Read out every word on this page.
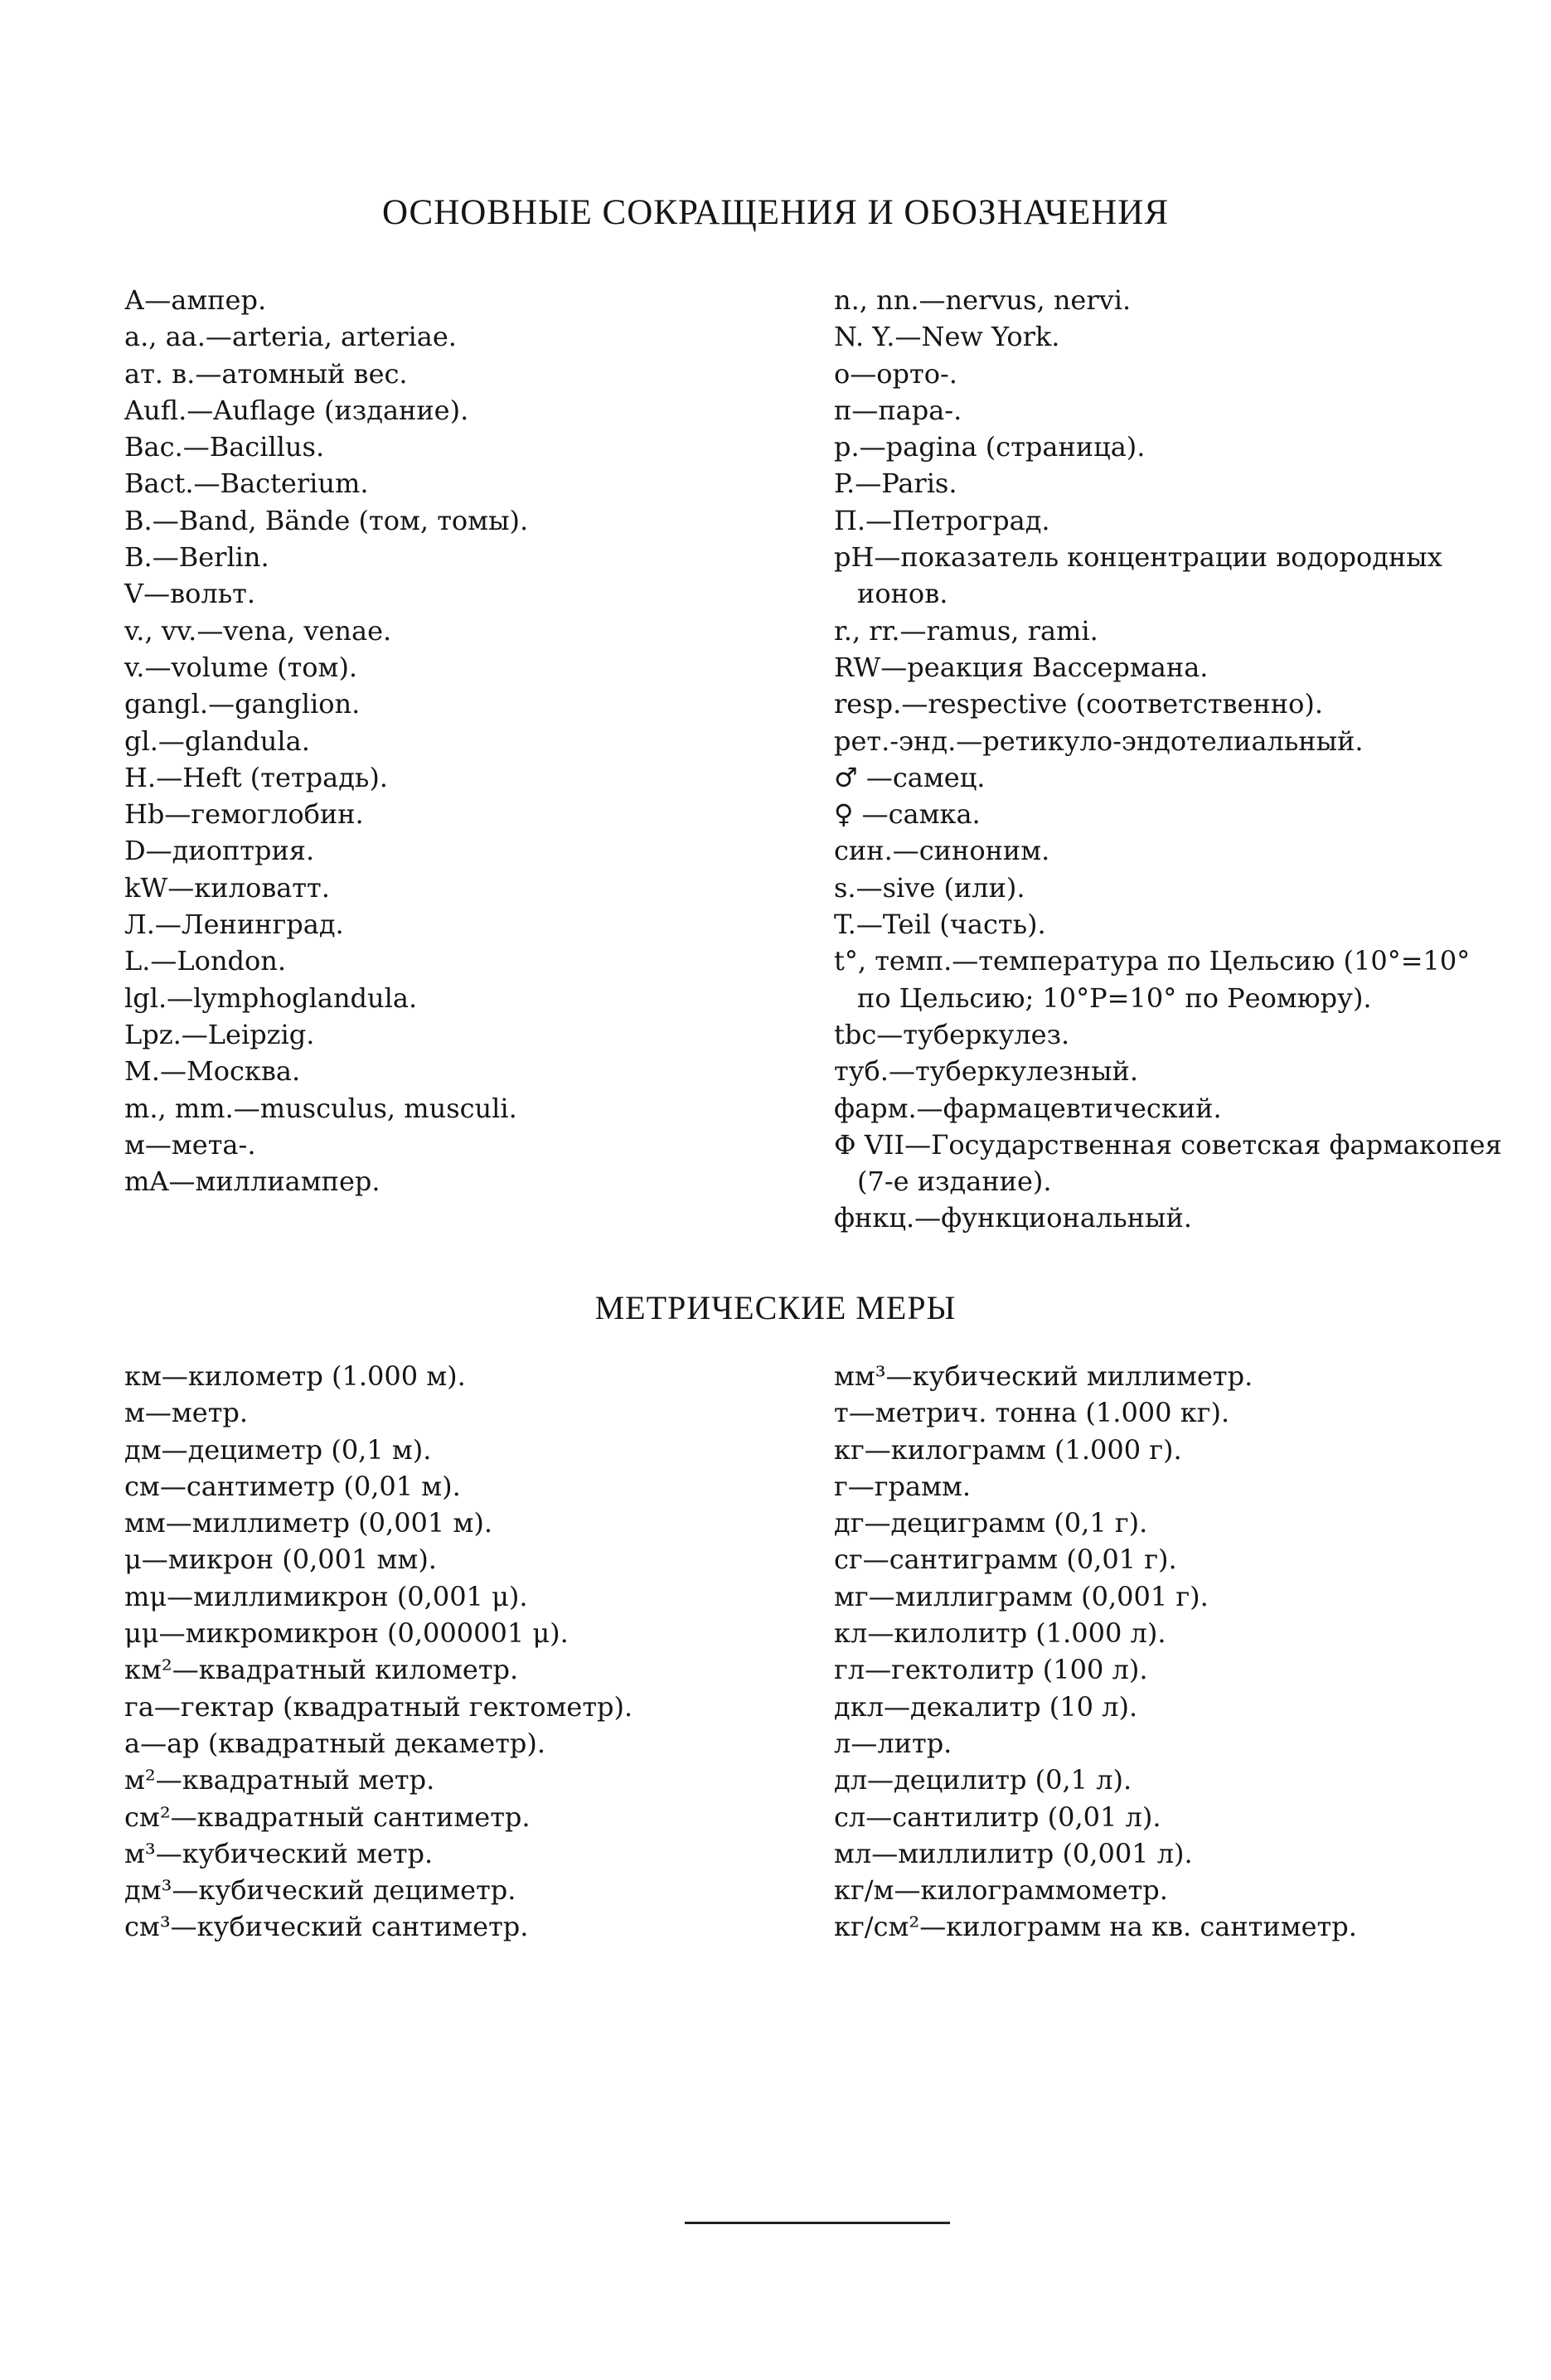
ОСНОВНЫЕ СОКРАЩЕНИЯ И ОБОЗНАЧЕНИЯ
А—ампер.
a., aa.—arteria, arteriae.
ат. в.—атомный вес.
Aufl.—Auflage (издание).
Bac.—Bacillus.
Bact.—Bacterium.
B.—Band, Bände (том, томы).
B.—Berlin.
V—вольт.
v., vv.—vena, venae.
v.—volume (том).
gangl.—ganglion.
gl.—glandula.
H.—Heft (тетрадь).
Hb—гемоглобин.
D—диоптрия.
kW—киловатт.
Л.—Ленинград.
L.—London.
lgl.—lymphoglandula.
Lpz.—Leipzig.
M.—Москва.
m., mm.—musculus, musculi.
м—мета-.
mA—миллиампер.
n., nn.—nervus, nervi.
N. Y.—New York.
о—орто-.
п—пара-.
p.—pagina (страница).
P.—Paris.
П.—Петроград.
pH—показатель концентрации водородных ионов.
r., rr.—ramus, rami.
RW—реакция Вассермана.
resp.—respective (соответственно).
рет.-энд.—ретикуло-эндотелиальный.
♂ —самец.
♀ —самка.
син.—синоним.
s.—sive (или).
T.—Teil (часть).
t°, темп.—температура по Цельсию (10°=10° по Цельсию; 10°P=10° по Реомюру).
tbc—туберкулез.
туб.—туберкулезный.
фарм.—фармацевтический.
Ф VII—Государственная советская фармакопея (7-е издание).
фнкц.—функциональный.
МЕТРИЧЕСКИЕ МЕРЫ
км—километр (1.000 м).
м—метр.
дм—дециметр (0,1 м).
см—сантиметр (0,01 м).
мм—миллиметр (0,001 м).
μ—микрон (0,001 мм).
mμ—миллимикрон (0,001 μ).
μμ—микромикрон (0,000001 μ).
км²—квадратный километр.
га—гектар (квадратный гектометр).
а—ар (квадратный декаметр).
м²—квадратный метр.
см²—квадратный сантиметр.
м³—кубический метр.
дм³—кубический дециметр.
см³—кубический сантиметр.
мм³—кубический миллиметр.
т—метрич. тонна (1.000 кг).
кг—килограмм (1.000 г).
г—грамм.
дг—дециграмм (0,1 г).
сг—сантиграмм (0,01 г).
мг—миллиграмм (0,001 г).
кл—килолитр (1.000 л).
гл—гектолитр (100 л).
дкл—декалитр (10 л).
л—литр.
дл—децилитр (0,1 л).
сл—сантилитр (0,01 л).
мл—миллилитр (0,001 л).
кг/м—килограммометр.
кг/см²—килограмм на кв. сантиметр.
